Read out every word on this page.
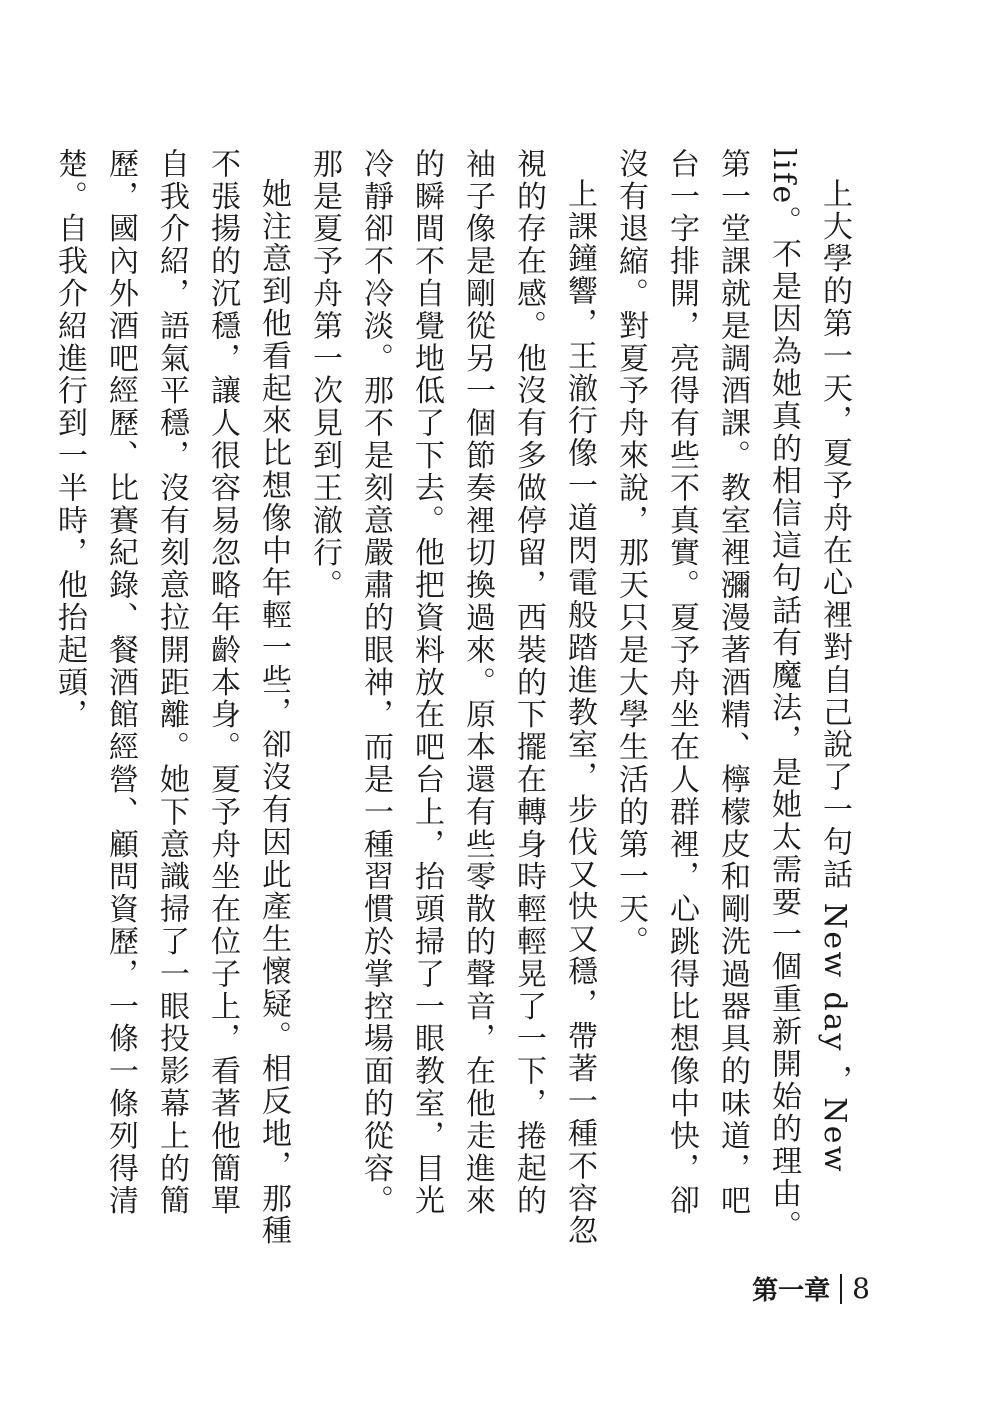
上大學的第一天，夏予舟在心裡對自己說了一句話 New day ，New life。不是因為她真的相信這句話有魔法，是她太需要一個重新開始的理由。第一堂課就是調酒課。教室裡瀰漫著酒精、檸檬皮和剛洗過器具的味道，吧台一字排開，亮得有些不真實。夏予舟坐在人群裡，心跳得比想像中快，卻沒有退縮。對夏予舟來說，那天只是大學生活的第一天。

上課鐘響，王澈行像一道閃電般踏進教室，步伐又快又穩，帶著一種不容忽視的存在感。他沒有多做停留，西裝的下擺在轉身時輕輕晃了一下，捲起的袖子像是剛從另一個節奏裡切換過來。原本還有些零散的聲音，在他走進來的瞬間不自覺地低了下去。他把資料放在吧台上，抬頭掃了一眼教室，目光冷靜卻不冷淡。那不是刻意嚴肅的眼神，而是一種習慣於掌控場面的從容。那是夏予舟第一次見到王澈行。

她注意到他看起來比想像中年輕一些，卻沒有因此產生懷疑。相反地，那種不張揚的沉穩，讓人很容易忽略年齡本身。夏予舟坐在位子上，看著他簡單自我介紹，語氣平穩，沒有刻意拉開距離。她下意識掃了一眼投影幕上的簡歷，國內外酒吧經歷、比賽紀錄、餐酒館經營、顧問資歷，一條一條列得清楚。自我介紹進行到一半時，他抬起頭，

第一章 8
